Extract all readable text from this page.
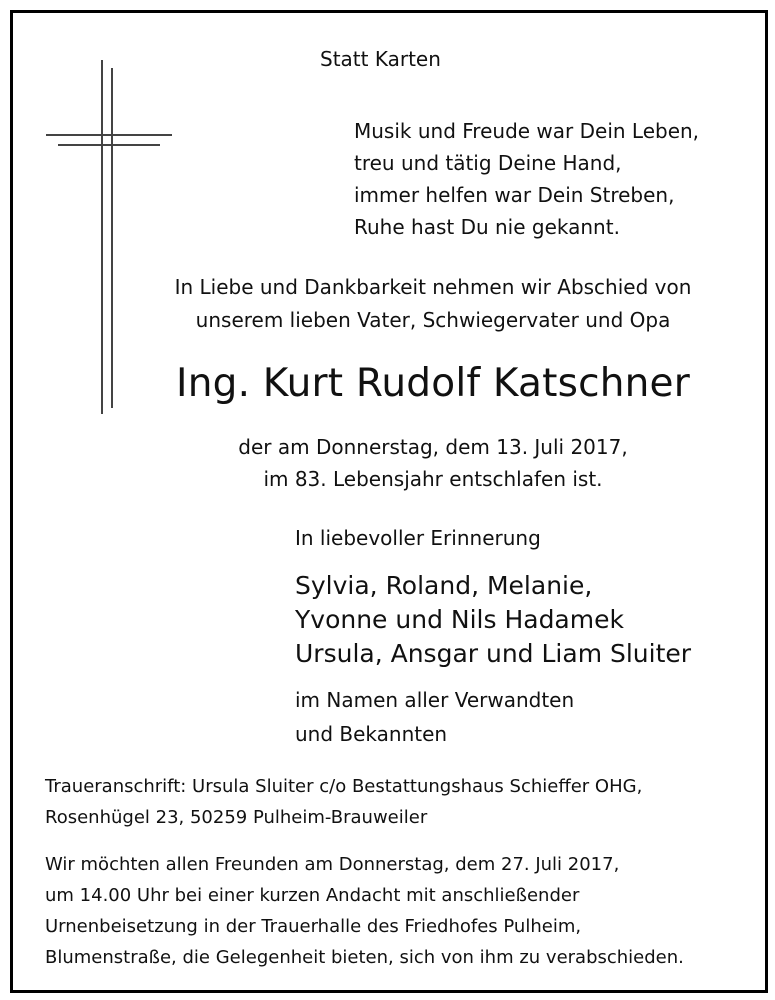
Statt Karten
Musik und Freude war Dein Leben,
treu und tätig Deine Hand,
immer helfen war Dein Streben,
Ruhe hast Du nie gekannt.
In Liebe und Dankbarkeit nehmen wir Abschied von
unserem lieben Vater, Schwiegervater und Opa
Ing. Kurt Rudolf Katschner
der am Donnerstag, dem 13. Juli 2017,
im 83. Lebensjahr entschlafen ist.
In liebevoller Erinnerung
Sylvia, Roland, Melanie,
Yvonne und Nils Hadamek
Ursula, Ansgar und Liam Sluiter
im Namen aller Verwandten
und Bekannten
Traueranschrift: Ursula Sluiter c/o Bestattungshaus Schieffer OHG,
Rosenhügel 23, 50259 Pulheim-Brauweiler
Wir möchten allen Freunden am Donnerstag, dem 27. Juli 2017,
um 14.00 Uhr bei einer kurzen Andacht mit anschließender
Urnenbeisetzung in der Trauerhalle des Friedhofes Pulheim,
Blumenstraße, die Gelegenheit bieten, sich von ihm zu verabschieden.
